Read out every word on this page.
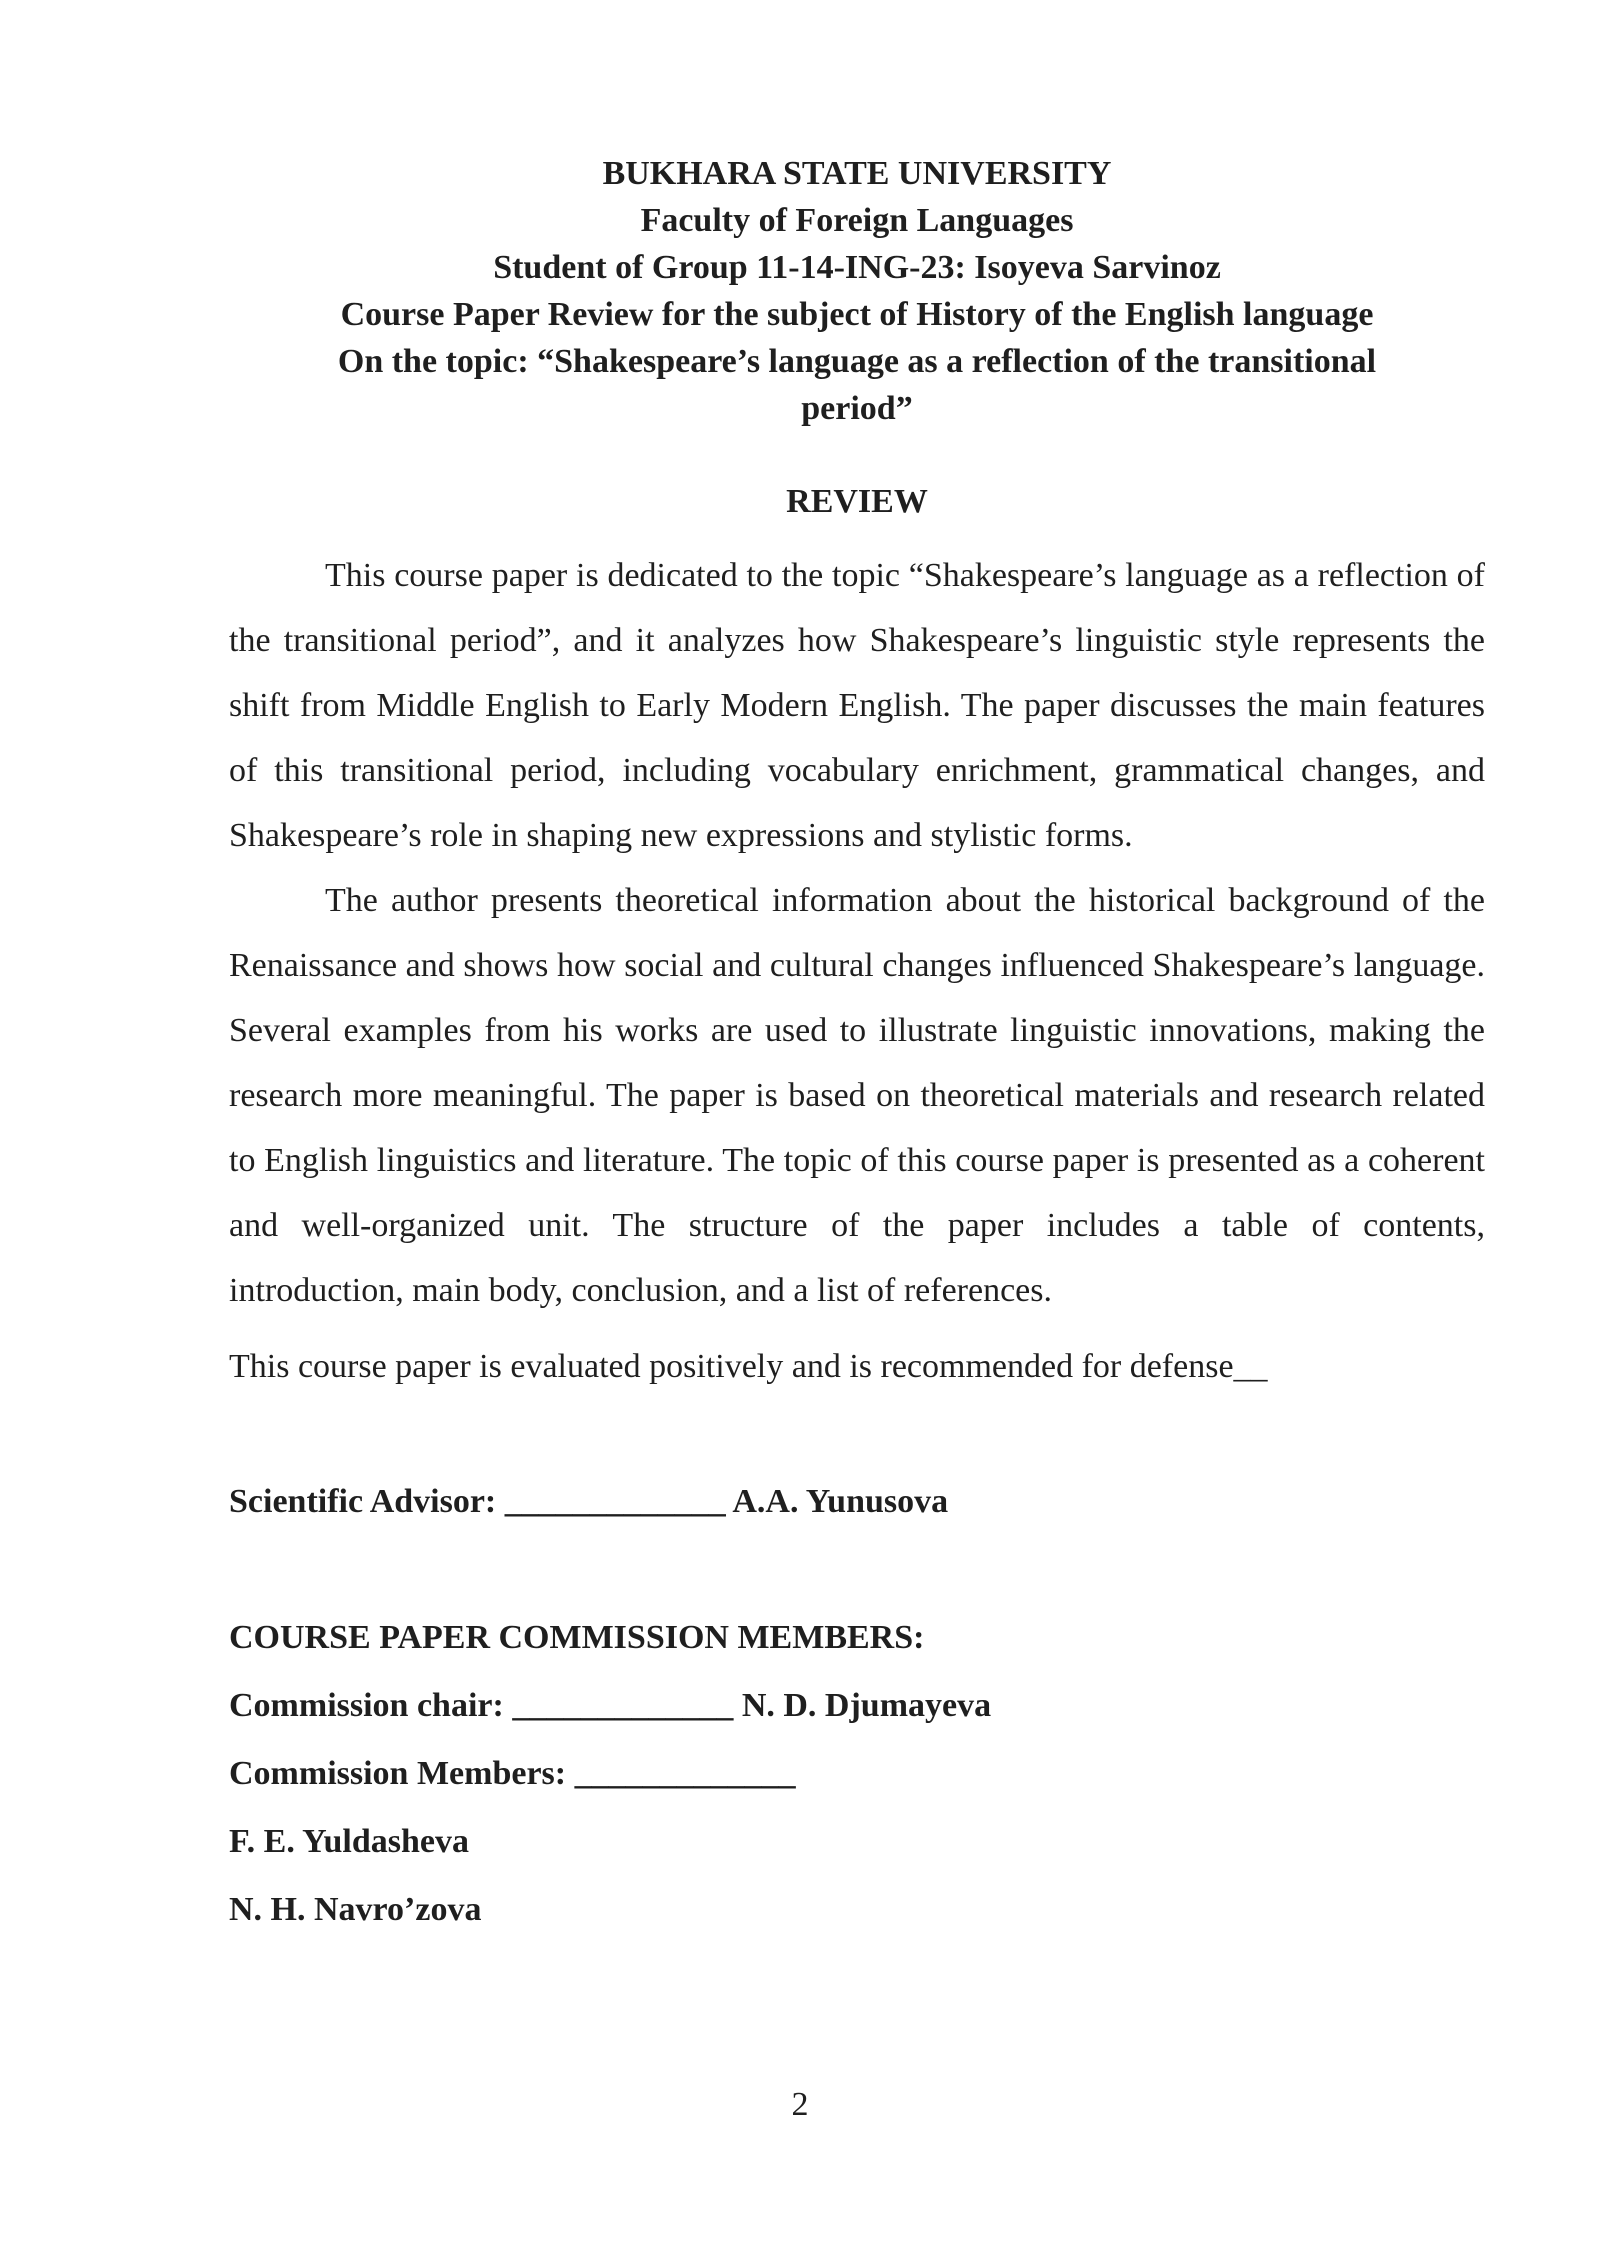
BUKHARA STATE UNIVERSITY
Faculty of Foreign Languages
Student of Group 11-14-ING-23: Isoyeva Sarvinoz
Course Paper Review for the subject of History of the English language
On the topic: “Shakespeare’s language as a reflection of the transitional
period”
REVIEW

This course paper is dedicated to the topic “Shakespeare’s language as a reflection of the transitional period”, and it analyzes how Shakespeare’s linguistic style represents the shift from Middle English to Early Modern English. The paper discusses the main features of this transitional period, including vocabulary enrichment, grammatical changes, and Shakespeare’s role in shaping new expressions and stylistic forms.

The author presents theoretical information about the historical background of the Renaissance and shows how social and cultural changes influenced Shakespeare’s language. Several examples from his works are used to illustrate linguistic innovations, making the research more meaningful. The paper is based on theoretical materials and research related to English linguistics and literature. The topic of this course paper is presented as a coherent and well-organized unit. The structure of the paper includes a table of contents, introduction, main body, conclusion, and a list of references.

This course paper is evaluated positively and is recommended for defense__
Scientific Advisor: _____________ A.A. Yunusova
COURSE PAPER COMMISSION MEMBERS:
Commission chair: _____________ N. D. Djumayeva
Commission Members: _____________
F. E. Yuldasheva
N. H. Navro’zova
2
